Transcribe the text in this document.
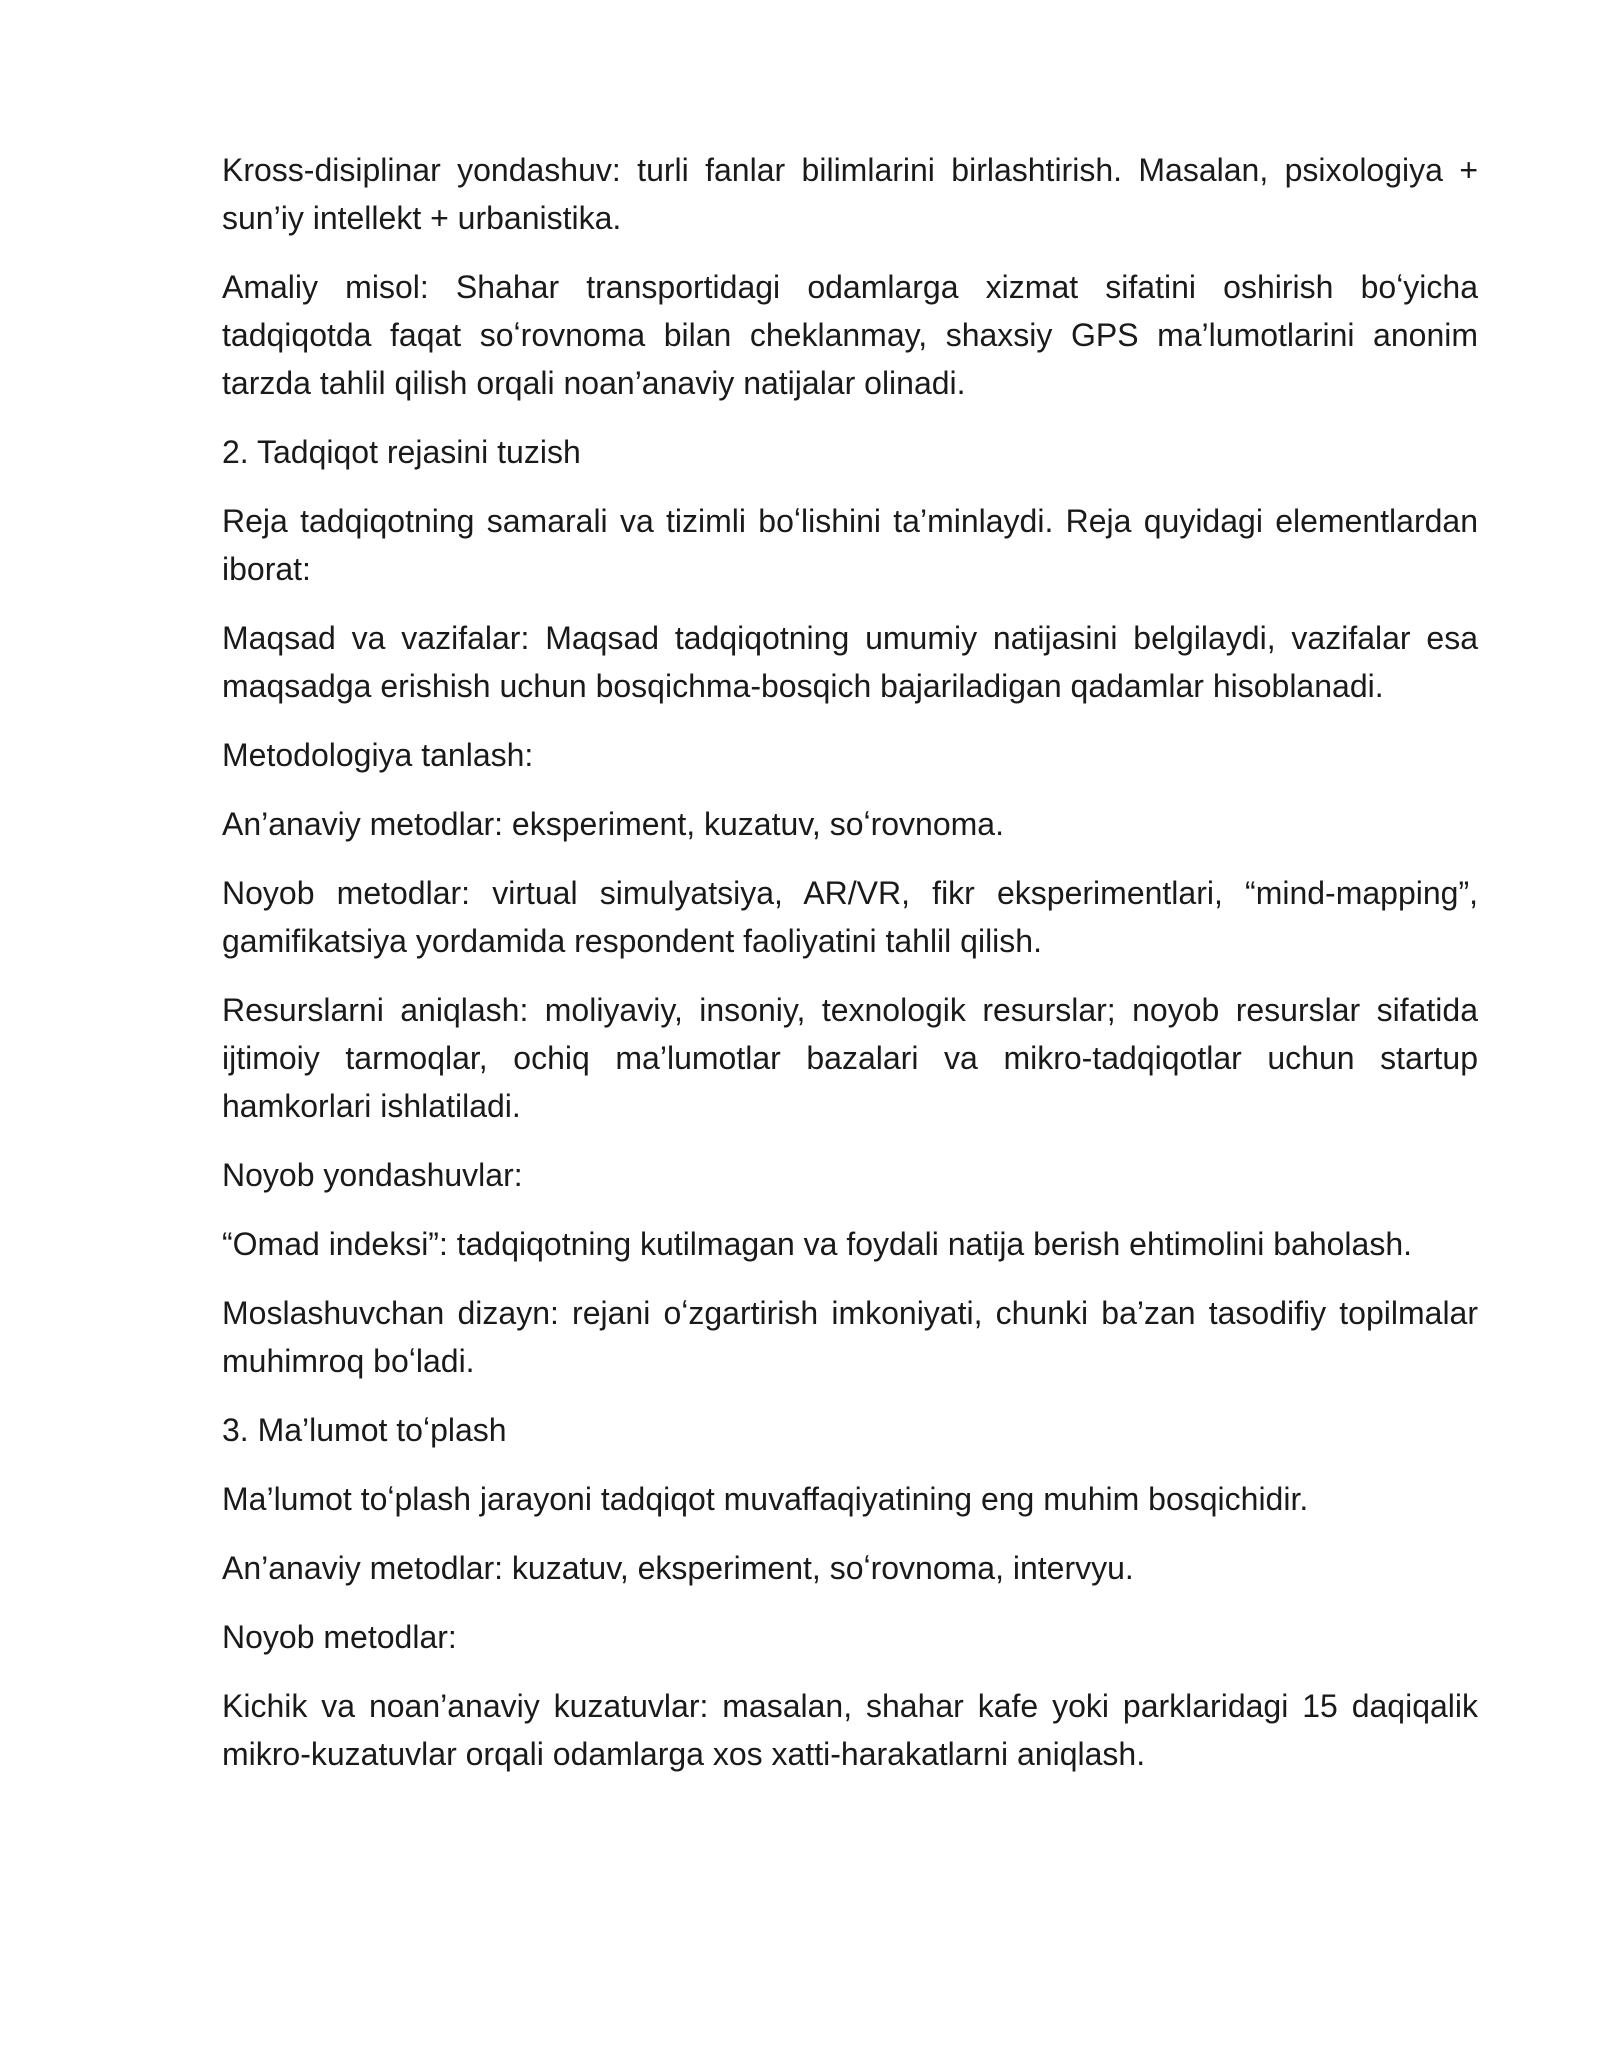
Kross-disiplinar yondashuv: turli fanlar bilimlarini birlashtirish. Masalan, psixologiya + sun’iy intellekt + urbanistika.

Amaliy misol: Shahar transportidagi odamlarga xizmat sifatini oshirish boʻyicha tadqiqotda faqat soʻrovnoma bilan cheklanmay, shaxsiy GPS ma’lumotlarini anonim tarzda tahlil qilish orqali noan’anaviy natijalar olinadi.

2. Tadqiqot rejasini tuzish

Reja tadqiqotning samarali va tizimli boʻlishini ta’minlaydi. Reja quyidagi elementlardan iborat:

Maqsad va vazifalar: Maqsad tadqiqotning umumiy natijasini belgilaydi, vazifalar esa maqsadga erishish uchun bosqichma-bosqich bajariladigan qadamlar hisoblanadi.

Metodologiya tanlash:

An’anaviy metodlar: eksperiment, kuzatuv, soʻrovnoma.

Noyob metodlar: virtual simulyatsiya, AR/VR, fikr eksperimentlari, “mind-mapping”, gamifikatsiya yordamida respondent faoliyatini tahlil qilish.

Resurslarni aniqlash: moliyaviy, insoniy, texnologik resurslar; noyob resurslar sifatida ijtimoiy tarmoqlar, ochiq ma’lumotlar bazalari va mikro-tadqiqotlar uchun startup hamkorlari ishlatiladi.

Noyob yondashuvlar:

“Omad indeksi”: tadqiqotning kutilmagan va foydali natija berish ehtimolini baholash.

Moslashuvchan dizayn: rejani oʻzgartirish imkoniyati, chunki ba’zan tasodifiy topilmalar muhimroq boʻladi.

3. Ma’lumot toʻplash

Ma’lumot toʻplash jarayoni tadqiqot muvaffaqiyatining eng muhim bosqichidir.

An’anaviy metodlar: kuzatuv, eksperiment, soʻrovnoma, intervyu.

Noyob metodlar:

Kichik va noan’anaviy kuzatuvlar: masalan, shahar kafe yoki parklaridagi 15 daqiqalik mikro-kuzatuvlar orqali odamlarga xos xatti-harakatlarni aniqlash.
